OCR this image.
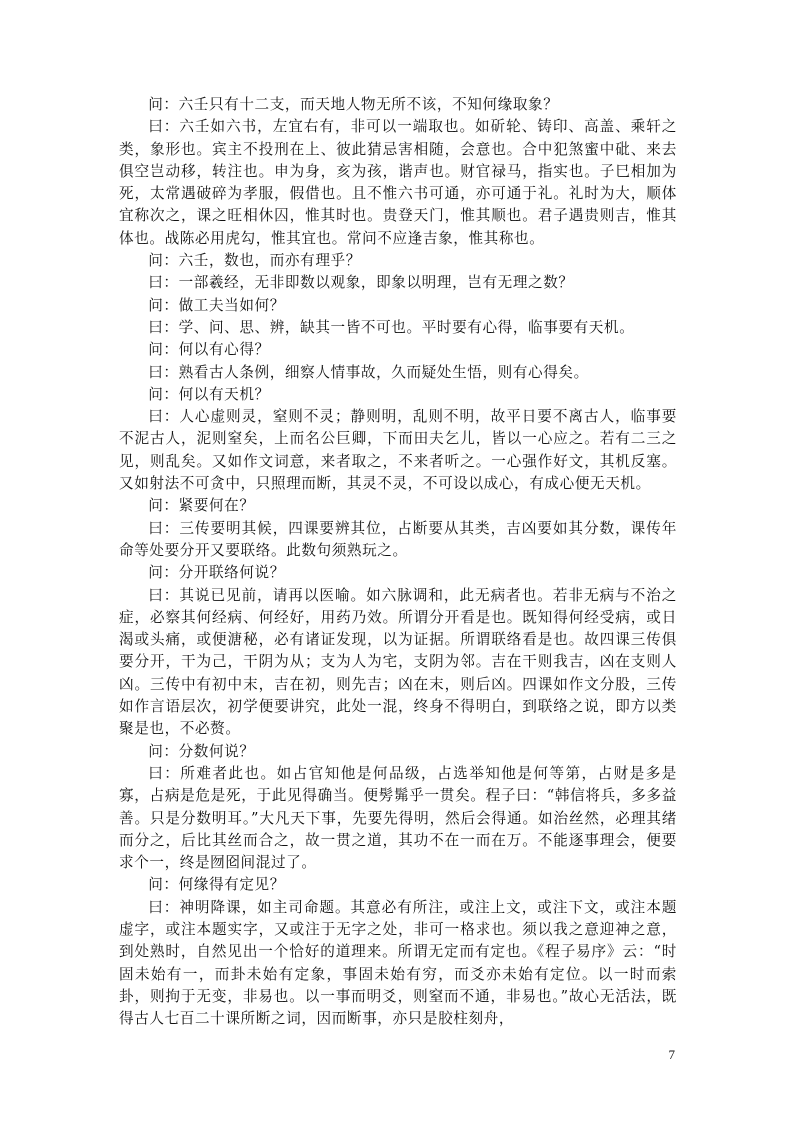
问：六壬只有十二支，而天地人物无所不该，不知何缘取象？

曰：六壬如六书，左宜右有，非可以一端取也。如斫轮、铸印、高盖、乘轩之类，象形也。宾主不投刑在上、彼此猜忌害相随，会意也。合中犯煞蜜中砒、来去俱空岂动移，转注也。申为身，亥为孩，谐声也。财官禄马，指实也。子巳相加为死，太常遇破碎为孝服，假借也。且不惟六书可通，亦可通于礼。礼时为大，顺体宜称次之，课之旺相休囚，惟其时也。贵登天门，惟其顺也。君子遇贵则吉，惟其体也。战陈必用虎勾，惟其宜也。常问不应逢吉象，惟其称也。

问：六壬，数也，而亦有理乎？

曰：一部羲经，无非即数以观象，即象以明理，岂有无理之数？

问：做工夫当如何？

曰：学、问、思、辨，缺其一皆不可也。平时要有心得，临事要有天机。

问：何以有心得？

曰：熟看古人条例，细察人情事故，久而疑处生悟，则有心得矣。

问：何以有天机？

曰：人心虚则灵，窒则不灵；静则明，乱则不明，故平日要不离古人，临事要不泥古人，泥则窒矣，上而名公巨卿，下而田夫乞儿，皆以一心应之。若有二三之见，则乱矣。又如作文词意，来者取之，不来者听之。一心强作好文，其机反塞。又如射法不可贪中，只照理而断，其灵不灵，不可设以成心，有成心便无天机。

问：紧要何在？

曰：三传要明其候，四课要辨其位，占断要从其类，吉凶要如其分数，课传年命等处要分开又要联络。此数句须熟玩之。

问：分开联络何说？

曰：其说已见前，请再以医喻。如六脉调和，此无病者也。若非无病与不治之症，必察其何经病、何经好，用药乃效。所谓分开看是也。既知得何经受病，或日渴或头痛，或便溏秘，必有诸证发现，以为证据。所谓联络看是也。故四课三传俱要分开，干为己，干阴为从；支为人为宅，支阴为邻。吉在干则我吉，凶在支则人凶。三传中有初中末，吉在初，则先吉；凶在末，则后凶。四课如作文分股，三传如作言语层次，初学便要讲究，此处一混，终身不得明白，到联络之说，即方以类聚是也，不必赘。

问：分数何说？

曰：所难者此也。如占官知他是何品级，占选举知他是何等第，占财是多是寡，占病是危是死，于此见得确当。便髣髴乎一贯矣。程子曰：“韩信将兵，多多益善。只是分数明耳。”大凡天下事，先要先得明，然后会得通。如治丝然，必理其绪而分之，后比其丝而合之，故一贯之道，其功不在一而在万。不能逐事理会，便要求个一，终是囫囵间混过了。

问：何缘得有定见？

曰：神明降课，如主司命题。其意必有所注，或注上文，或注下文，或注本题虚字，或注本题实字，又或注于无字之处，非可一格求也。须以我之意迎神之意，到处熟时，自然见出一个恰好的道理来。所谓无定而有定也。《程子易序》云：“时固未始有一，而卦未始有定象，事固未始有穷，而爻亦未始有定位。以一时而索卦，则拘于无变，非易也。以一事而明爻，则窒而不通，非易也。”故心无活法，既得古人七百二十课所断之词，因而断事，亦只是胶柱刻舟，

7
